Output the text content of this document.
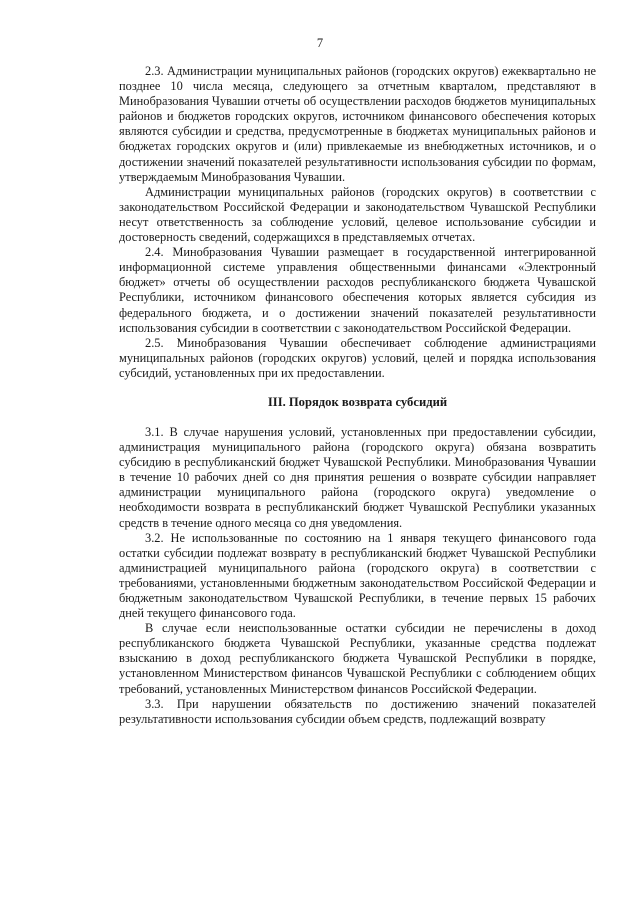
7

2.3. Администрации муниципальных районов (городских округов) ежеквартально не позднее 10 числа месяца, следующего за отчетным кварталом, представляют в Минобразования Чувашии отчеты об осуществлении расходов бюджетов муниципальных районов и бюджетов городских округов, источником финансового обеспечения которых являются субсидии и средства, предусмотренные в бюджетах муниципальных районов и бюджетах городских округов и (или) привлекаемые из внебюджетных источников, и о достижении значений показателей результативности использования субсидии по формам, утверждаемым Минобразования Чувашии.

Администрации муниципальных районов (городских округов) в соответствии с законодательством Российской Федерации и законодательством Чувашской Республики несут ответственность за соблюдение условий, целевое использование субсидии и достоверность сведений, содержащихся в представляемых отчетах.

2.4. Минобразования Чувашии размещает в государственной интегрированной информационной системе управления общественными финансами «Электронный бюджет» отчеты об осуществлении расходов республиканского бюджета Чувашской Республики, источником финансового обеспечения которых является субсидия из федерального бюджета, и о достижении значений показателей результативности использования субсидии в соответствии с законодательством Российской Федерации.

2.5. Минобразования Чувашии обеспечивает соблюдение администрациями муниципальных районов (городских округов) условий, целей и порядка использования субсидий, установленных при их предоставлении.

III. Порядок возврата субсидий

3.1. В случае нарушения условий, установленных при предоставлении субсидии, администрация муниципального района (городского округа) обязана возвратить субсидию в республиканский бюджет Чувашской Республики. Минобразования Чувашии в течение 10 рабочих дней со дня принятия решения о возврате субсидии направляет администрации муниципального района (городского округа) уведомление о необходимости возврата в республиканский бюджет Чувашской Республики указанных средств в течение одного месяца со дня уведомления.

3.2. Не использованные по состоянию на 1 января текущего финансового года остатки субсидии подлежат возврату в республиканский бюджет Чувашской Республики администрацией муниципального района (городского округа) в соответствии с требованиями, установленными бюджетным законодательством Российской Федерации и бюджетным законодательством Чувашской Республики, в течение первых 15 рабочих дней текущего финансового года.

В случае если неиспользованные остатки субсидии не перечислены в доход республиканского бюджета Чувашской Республики, указанные средства подлежат взысканию в доход республиканского бюджета Чувашской Республики в порядке, установленном Министерством финансов Чувашской Республики с соблюдением общих требований, установленных Министерством финансов Российской Федерации.

3.3. При нарушении обязательств по достижению значений показателей результативности использования субсидии объем средств, подлежащий возврату
